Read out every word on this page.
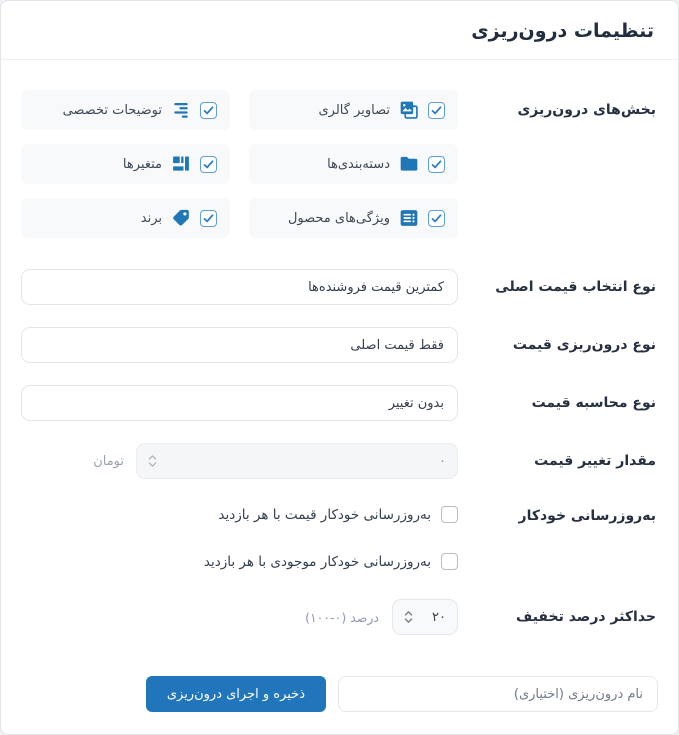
تنظیمات درون‌ریزی
بخش‌های درون‌ریزی
تصاویر گالری
توضیحات تخصصی
دسته‌بندی‌ها
متغیرها
ویژگی‌های محصول
برند
نوع انتخاب قیمت اصلی
کمترین قیمت فروشنده‌ها
نوع درون‌ریزی قیمت
فقط قیمت اصلی
نوع محاسبه قیمت
بدون تغییر
مقدار تغییر قیمت
۰
تومان
به‌روزرسانی خودکار
به‌روزرسانی خودکار قیمت با هر بازدید
به‌روزرسانی خودکار موجودی با هر بازدید
حداکثر درصد تخفیف
۲۰
درصد (۰-۱۰۰)
نام درون‌ریزی (اختیاری)
ذخیره و اجرای درون‌ریزی
